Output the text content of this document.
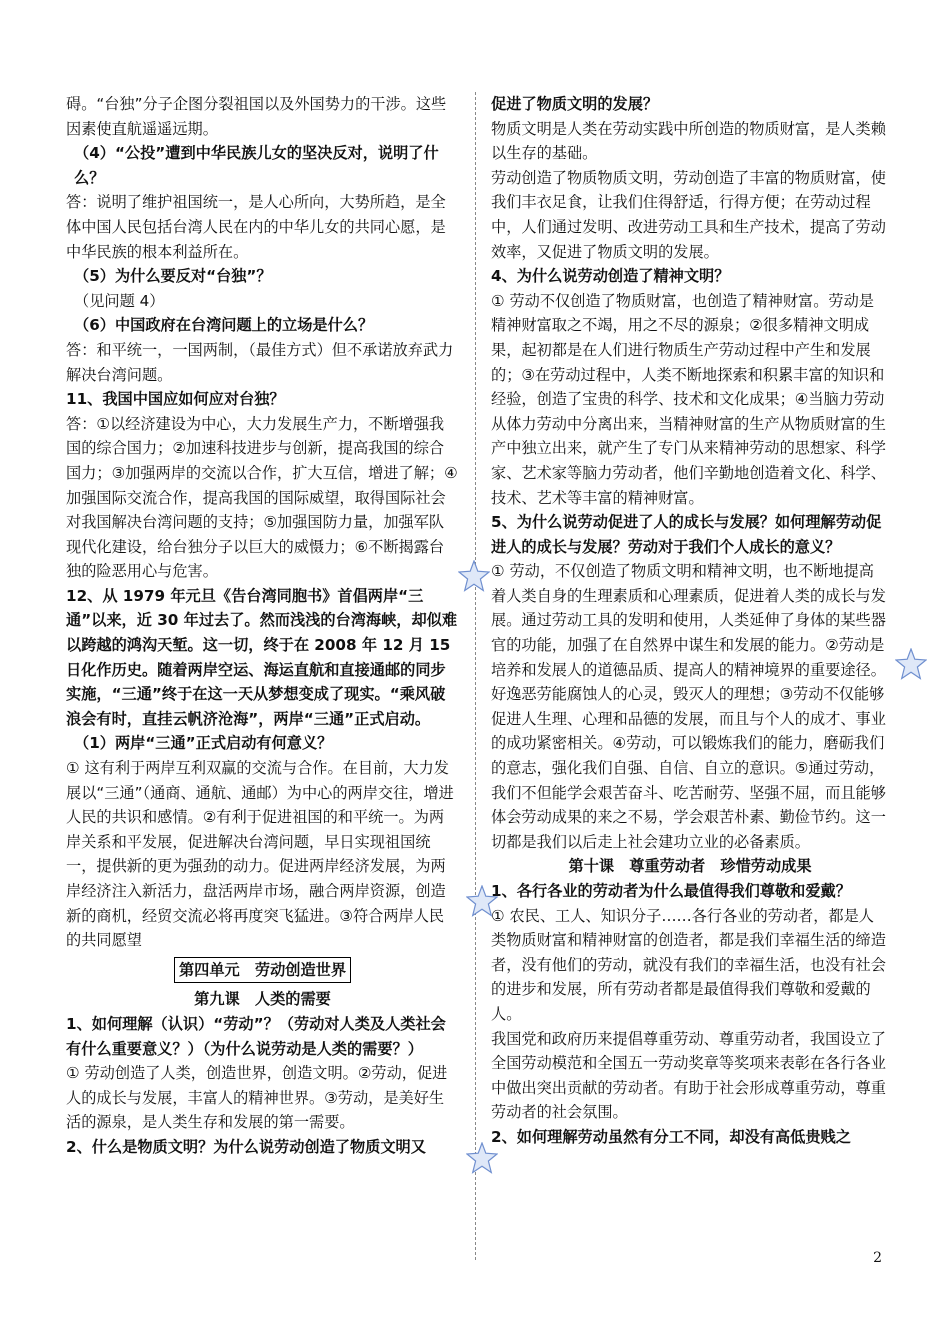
碍。“台独”分子企图分裂祖国以及外国势力的干涉。这些因素使直航遥遥远期。
（4）“公投”遭到中华民族儿女的坚决反对，说明了什么？
答：说明了维护祖国统一，是人心所向，大势所趋，是全体中国人民包括台湾人民在内的中华儿女的共同心愿，是中华民族的根本利益所在。
（5）为什么要反对“台独”？
（见问题 4）
（6）中国政府在台湾问题上的立场是什么？
答：和平统一，一国两制，（最佳方式）但不承诺放弃武力解决台湾问题。
11、我国中国应如何应对台独？
答：①以经济建设为中心，大力发展生产力，不断增强我国的综合国力；②加速科技进步与创新，提高我国的综合国力；③加强两岸的交流以合作，扩大互信，增进了解；④加强国际交流合作，提高我国的国际威望，取得国际社会对我国解决台湾问题的支持；⑤加强国防力量，加强军队现代化建设，给台独分子以巨大的威慑力；⑥不断揭露台独的险恶用心与危害。
12、从 1979 年元旦《告台湾同胞书》首倡两岸“三通”以来，近 30 年过去了。然而浅浅的台湾海峡，却似难以跨越的鸿沟天堑。这一切，终于在 2008 年 12 月 15 日化作历史。随着两岸空运、海运直航和直接通邮的同步实施，“三通”终于在这一天从梦想变成了现实。“乘风破浪会有时，直挂云帆济沧海”，两岸“三通”正式启动。
（1）两岸“三通”正式启动有何意义？
① 这有利于两岸互利双赢的交流与合作。在目前，大力发展以“三通”（通商、通航、通邮）为中心的两岸交往，增进人民的共识和感情。②有利于促进祖国的和平统一。为两岸关系和平发展，促进解决台湾问题，早日实现祖国统一，提供新的更为强劲的动力。促进两岸经济发展，为两岸经济注入新活力，盘活两岸市场，融合两岸资源，创造新的商机，经贸交流必将再度突飞猛进。③符合两岸人民的共同愿望
第四单元　劳动创造世界
第九课　人类的需要
1、如何理解（认识）“劳动”？（劳动对人类及人类社会有什么重要意义？）（为什么说劳动是人类的需要？）
① 劳动创造了人类，创造世界，创造文明。②劳动，促进人的成长与发展，丰富人的精神世界。③劳动，是美好生活的源泉，是人类生存和发展的第一需要。
2、什么是物质文明？为什么说劳动创造了物质文明又
促进了物质文明的发展？
物质文明是人类在劳动实践中所创造的物质财富，是人类赖以生存的基础。
劳动创造了物质物质文明，劳动创造了丰富的物质财富，使我们丰衣足食，让我们住得舒适，行得方便；在劳动过程中，人们通过发明、改进劳动工具和生产技术，提高了劳动效率，又促进了物质文明的发展。
4、为什么说劳动创造了精神文明？
① 劳动不仅创造了物质财富，也创造了精神财富。劳动是精神财富取之不竭，用之不尽的源泉；②很多精神文明成果，起初都是在人们进行物质生产劳动过程中产生和发展的；③在劳动过程中，人类不断地探索和积累丰富的知识和经验，创造了宝贵的科学、技术和文化成果；④当脑力劳动从体力劳动中分离出来，当精神财富的生产从物质财富的生产中独立出来，就产生了专门从来精神劳动的思想家、科学家、艺术家等脑力劳动者，他们辛勤地创造着文化、科学、技术、艺术等丰富的精神财富。
5、为什么说劳动促进了人的成长与发展？如何理解劳动促进人的成长与发展？劳动对于我们个人成长的意义？
① 劳动，不仅创造了物质文明和精神文明，也不断地提高着人类自身的生理素质和心理素质，促进着人类的成长与发展。通过劳动工具的发明和使用，人类延伸了身体的某些器官的功能，加强了在自然界中谋生和发展的能力。②劳动是培养和发展人的道德品质、提高人的精神境界的重要途径。好逸恶劳能腐蚀人的心灵，毁灭人的理想；③劳动不仅能够促进人生理、心理和品德的发展，而且与个人的成才、事业的成功紧密相关。④劳动，可以锻炼我们的能力，磨砺我们的意志，强化我们自强、自信、自立的意识。⑤通过劳动，我们不但能学会艰苦奋斗、吃苦耐劳、坚强不屈，而且能够体会劳动成果的来之不易，学会艰苦朴素、勤俭节约。这一切都是我们以后走上社会建功立业的必备素质。
第十课　尊重劳动者　珍惜劳动成果
1、各行各业的劳动者为什么最值得我们尊敬和爱戴？
① 农民、工人、知识分子……各行各业的劳动者，都是人类物质财富和精神财富的创造者，都是我们幸福生活的缔造者，没有他们的劳动，就没有我们的幸福生活，也没有社会的进步和发展，所有劳动者都是最值得我们尊敬和爱戴的人。
我国党和政府历来提倡尊重劳动、尊重劳动者，我国设立了全国劳动模范和全国五一劳动奖章等奖项来表彰在各行各业中做出突出贡献的劳动者。有助于社会形成尊重劳动，尊重劳动者的社会氛围。
2、如何理解劳动虽然有分工不同，却没有高低贵贱之
2
